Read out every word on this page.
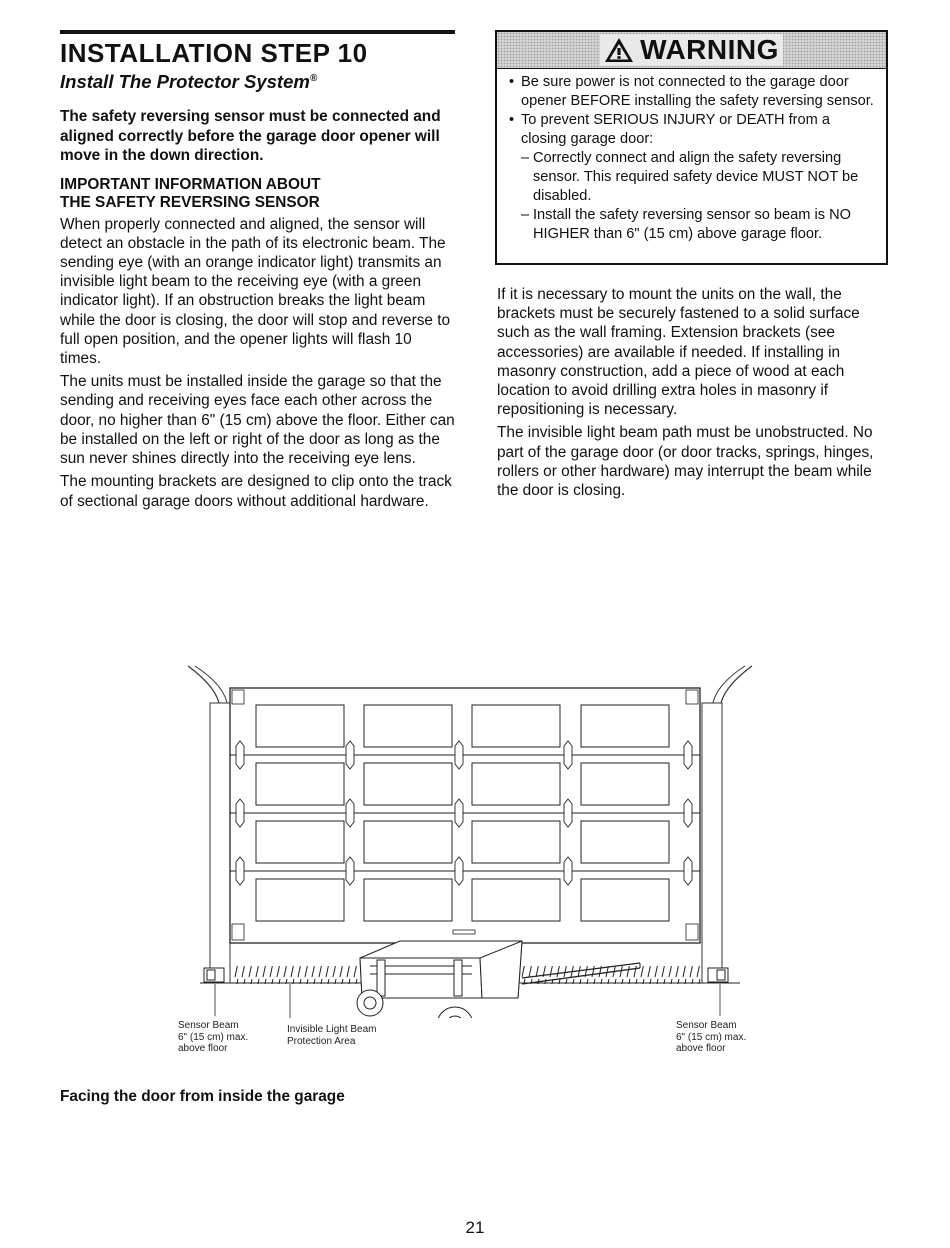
INSTALLATION STEP 10
Install The Protector System®

The safety reversing sensor must be connected and aligned correctly before the garage door opener will move in the down direction.

IMPORTANT INFORMATION ABOUT
THE SAFETY REVERSING SENSOR

When properly connected and aligned, the sensor will detect an obstacle in the path of its electronic beam. The sending eye (with an orange indicator light) transmits an invisible light beam to the receiving eye (with a green indicator light). If an obstruction breaks the light beam while the door is closing, the door will stop and reverse to full open position, and the opener lights will flash 10 times.

The units must be installed inside the garage so that the sending and receiving eyes face each other across the door, no higher than 6" (15 cm) above the floor. Either can be installed on the left or right of the door as long as the sun never shines directly into the receiving eye lens.

The mounting brackets are designed to clip onto the track of sectional garage doors without additional hardware.

WARNING
• Be sure power is not connected to the garage door opener BEFORE installing the safety reversing sensor.
• To prevent SERIOUS INJURY or DEATH from a closing garage door:
– Correctly connect and align the safety reversing sensor. This required safety device MUST NOT be disabled.
– Install the safety reversing sensor so beam is NO HIGHER than 6" (15 cm) above garage floor.

If it is necessary to mount the units on the wall, the brackets must be securely fastened to a solid surface such as the wall framing. Extension brackets (see accessories) are available if needed. If installing in masonry construction, add a piece of wood at each location to avoid drilling extra holes in masonry if repositioning is necessary.

The invisible light beam path must be unobstructed. No part of the garage door (or door tracks, springs, hinges, rollers or other hardware) may interrupt the beam while the door is closing.

Sensor Beam
6" (15 cm) max.
above floor
Invisible Light Beam
Protection Area
Sensor Beam
6" (15 cm) max.
above floor
Facing the door from inside the garage
21
